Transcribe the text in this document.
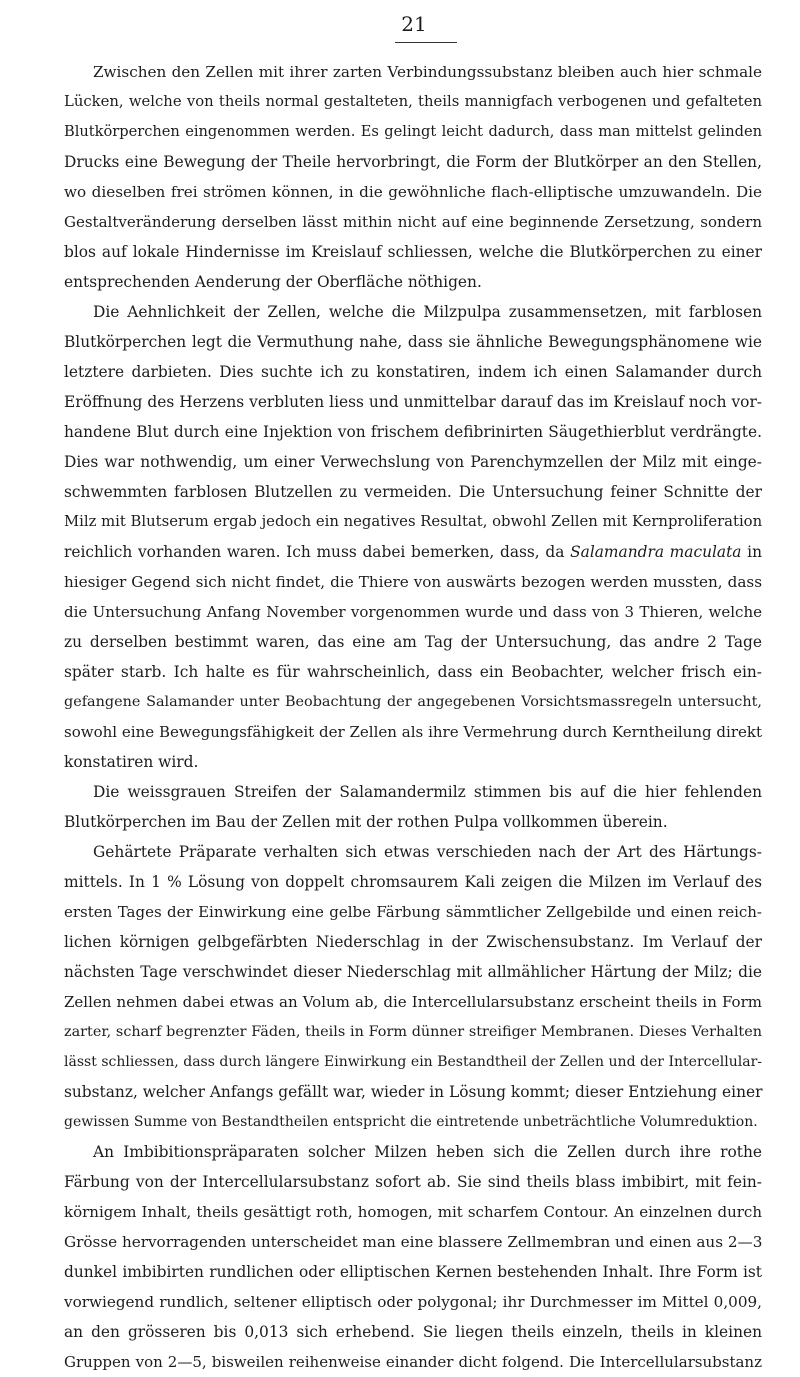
21
Zwischen den Zellen mit ihrer zarten Verbindungssubstanz bleiben auch hier schmale
Lücken, welche von theils normal gestalteten, theils mannigfach verbogenen und gefalteten
Blutkörperchen eingenommen werden. Es gelingt leicht dadurch, dass man mittelst gelinden
Drucks eine Bewegung der Theile hervorbringt, die Form der Blutkörper an den Stellen,
wo dieselben frei strömen können, in die gewöhnliche flach-elliptische umzuwandeln. Die
Gestaltveränderung derselben lässt mithin nicht auf eine beginnende Zersetzung, sondern
blos auf lokale Hindernisse im Kreislauf schliessen, welche die Blutkörperchen zu einer
entsprechenden Aenderung der Oberfläche nöthigen.
Die Aehnlichkeit der Zellen, welche die Milzpulpa zusammensetzen, mit farblosen
Blutkörperchen legt die Vermuthung nahe, dass sie ähnliche Bewegungsphänomene wie
letztere darbieten. Dies suchte ich zu konstatiren, indem ich einen Salamander durch
Eröffnung des Herzens verbluten liess und unmittelbar darauf das im Kreislauf noch vor-
handene Blut durch eine Injektion von frischem defibrinirten Säugethierblut verdrängte.
Dies war nothwendig, um einer Verwechslung von Parenchymzellen der Milz mit einge-
schwemmten farblosen Blutzellen zu vermeiden. Die Untersuchung feiner Schnitte der
Milz mit Blutserum ergab jedoch ein negatives Resultat, obwohl Zellen mit Kernproliferation
reichlich vorhanden waren. Ich muss dabei bemerken, dass, da Salamandra maculata in
hiesiger Gegend sich nicht findet, die Thiere von auswärts bezogen werden mussten, dass
die Untersuchung Anfang November vorgenommen wurde und dass von 3 Thieren, welche
zu derselben bestimmt waren, das eine am Tag der Untersuchung, das andre 2 Tage
später starb. Ich halte es für wahrscheinlich, dass ein Beobachter, welcher frisch ein-
gefangene Salamander unter Beobachtung der angegebenen Vorsichtsmassregeln untersucht,
sowohl eine Bewegungsfähigkeit der Zellen als ihre Vermehrung durch Kerntheilung direkt
konstatiren wird.
Die weissgrauen Streifen der Salamandermilz stimmen bis auf die hier fehlenden
Blutkörperchen im Bau der Zellen mit der rothen Pulpa vollkommen überein.
Gehärtete Präparate verhalten sich etwas verschieden nach der Art des Härtungs-
mittels. In 1 % Lösung von doppelt chromsaurem Kali zeigen die Milzen im Verlauf des
ersten Tages der Einwirkung eine gelbe Färbung sämmtlicher Zellgebilde und einen reich-
lichen körnigen gelbgefärbten Niederschlag in der Zwischensubstanz. Im Verlauf der
nächsten Tage verschwindet dieser Niederschlag mit allmählicher Härtung der Milz; die
Zellen nehmen dabei etwas an Volum ab, die Intercellularsubstanz erscheint theils in Form
zarter, scharf begrenzter Fäden, theils in Form dünner streifiger Membranen. Dieses Verhalten
lässt schliessen, dass durch längere Einwirkung ein Bestandtheil der Zellen und der Intercellular-
substanz, welcher Anfangs gefällt war, wieder in Lösung kommt; dieser Entziehung einer
gewissen Summe von Bestandtheilen entspricht die eintretende unbeträchtliche Volumreduktion.
An Imbibitionspräparaten solcher Milzen heben sich die Zellen durch ihre rothe
Färbung von der Intercellularsubstanz sofort ab. Sie sind theils blass imbibirt, mit fein-
körnigem Inhalt, theils gesättigt roth, homogen, mit scharfem Contour. An einzelnen durch
Grösse hervorragenden unterscheidet man eine blassere Zellmembran und einen aus 2—3
dunkel imbibirten rundlichen oder elliptischen Kernen bestehenden Inhalt. Ihre Form ist
vorwiegend rundlich, seltener elliptisch oder polygonal; ihr Durchmesser im Mittel 0,009,
an den grösseren bis 0,013 sich erhebend. Sie liegen theils einzeln, theils in kleinen
Gruppen von 2—5, bisweilen reihenweise einander dicht folgend. Die Intercellularsubstanz
